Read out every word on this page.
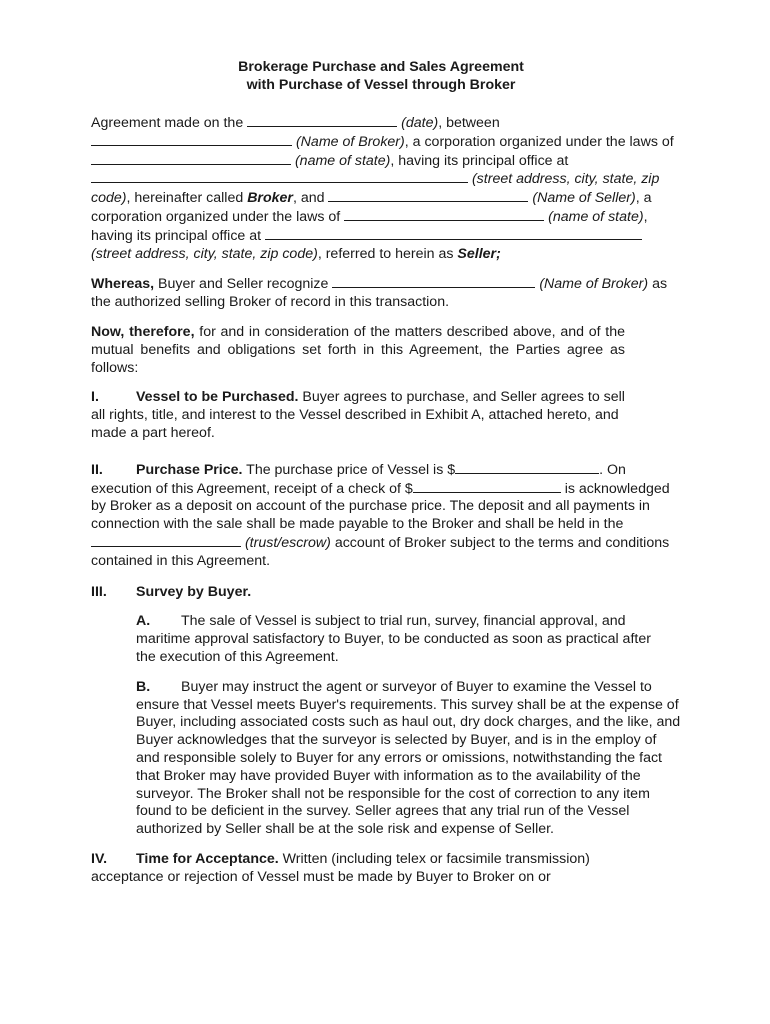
Brokerage Purchase and Sales Agreement
with Purchase of Vessel through Broker

Agreement made on the	(date), between
(Name of Broker), a corporation organized under the laws of  (name of state), having its principal office at  (street address, city, state, zip code), hereinafter called Broker, and	(Name of Seller), a corporation organized under the laws of	(name of state), having its principal office at  (street address, city, state, zip code), referred to herein as Seller;

Whereas, Buyer and Seller recognize	(Name of Broker) as the authorized selling Broker of record in this transaction.

Now, therefore, for and in consideration of the matters described above, and of the mutual benefits and obligations set forth in this Agreement, the Parties agree as follows:

I.	Vessel to be Purchased. Buyer agrees to purchase, and Seller agrees to sell all rights, title, and interest to the Vessel described in Exhibit A, attached hereto, and made a part hereof.

II. Purchase Price. The purchase price of Vessel is $	. On execution of this Agreement, receipt of a check of $	is acknowledged by Broker as a deposit on account of the purchase price. The deposit and all payments in connection with the sale shall be made payable to the Broker and shall be held in the  (trust/escrow) account of Broker subject to the terms and conditions contained in this Agreement.

III. Survey by Buyer.

A. The sale of Vessel is subject to trial run, survey, financial approval, and maritime approval satisfactory to Buyer, to be conducted as soon as practical after the execution of this Agreement.

B. Buyer may instruct the agent or surveyor of Buyer to examine the Vessel to ensure that Vessel meets Buyer's requirements. This survey shall be at the expense of Buyer, including associated costs such as haul out, dry dock charges, and the like, and Buyer acknowledges that the surveyor is selected by Buyer, and is in the employ of and responsible solely to Buyer for any errors or omissions, notwithstanding the fact that Broker may have provided Buyer with information as to the availability of the surveyor. The Broker shall not be responsible for the cost of correction to any item found to be deficient in the survey. Seller agrees that any trial run of the Vessel authorized by Seller shall be at the sole risk and expense of Seller.

IV. Time for Acceptance. Written (including telex or facsimile transmission) acceptance or rejection of Vessel must be made by Buyer to Broker on or
